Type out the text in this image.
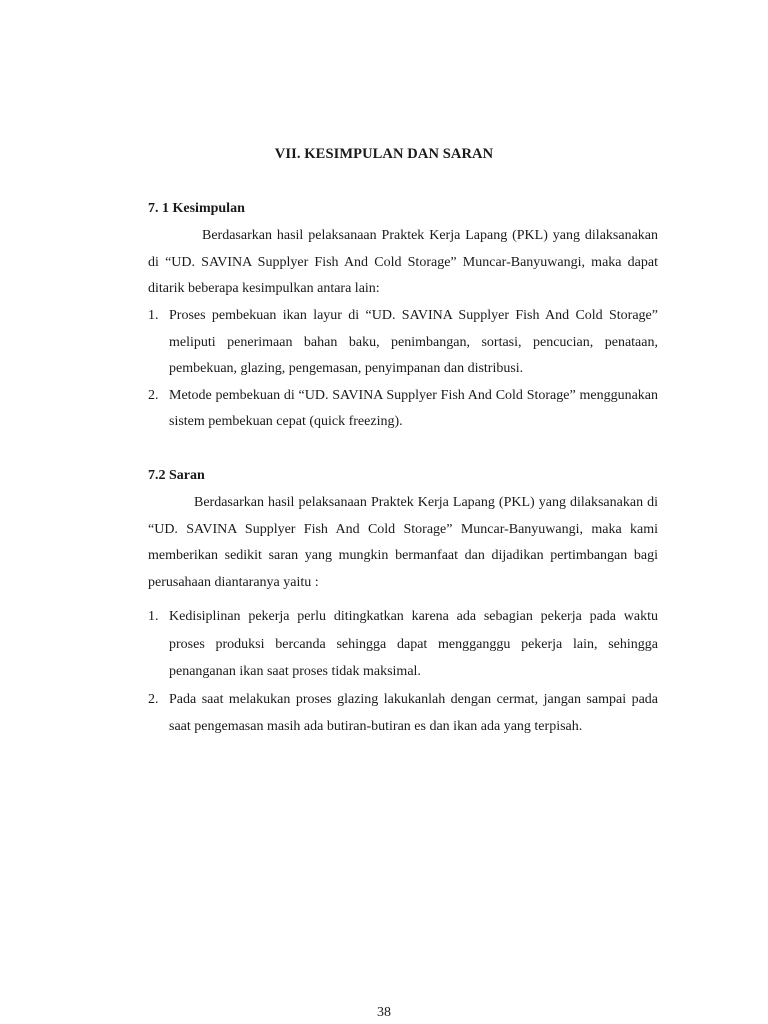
VII. KESIMPULAN DAN SARAN
7. 1 Kesimpulan

Berdasarkan hasil pelaksanaan Praktek Kerja Lapang (PKL) yang dilaksanakan di “UD. SAVINA Supplyer Fish And Cold Storage” Muncar-Banyuwangi, maka dapat ditarik beberapa kesimpulkan antara lain:

1. Proses pembekuan ikan layur di “UD. SAVINA Supplyer Fish And Cold Storage” meliputi penerimaan bahan baku, penimbangan, sortasi, pencucian, penataan, pembekuan, glazing, pengemasan, penyimpanan dan distribusi.
2. Metode pembekuan di “UD. SAVINA Supplyer Fish And Cold Storage” menggunakan sistem pembekuan cepat (quick freezing).
7.2 Saran

Berdasarkan hasil pelaksanaan Praktek Kerja Lapang (PKL) yang dilaksanakan di “UD. SAVINA Supplyer Fish And Cold Storage” Muncar-Banyuwangi, maka kami memberikan sedikit saran yang mungkin bermanfaat dan dijadikan pertimbangan bagi perusahaan diantaranya yaitu :

1. Kedisiplinan pekerja perlu ditingkatkan karena ada sebagian pekerja pada waktu proses produksi bercanda sehingga dapat mengganggu pekerja lain, sehingga penanganan ikan saat proses tidak maksimal.
2. Pada saat melakukan proses glazing lakukanlah dengan cermat, jangan sampai pada saat pengemasan masih ada butiran-butiran es dan ikan ada yang terpisah.
38
